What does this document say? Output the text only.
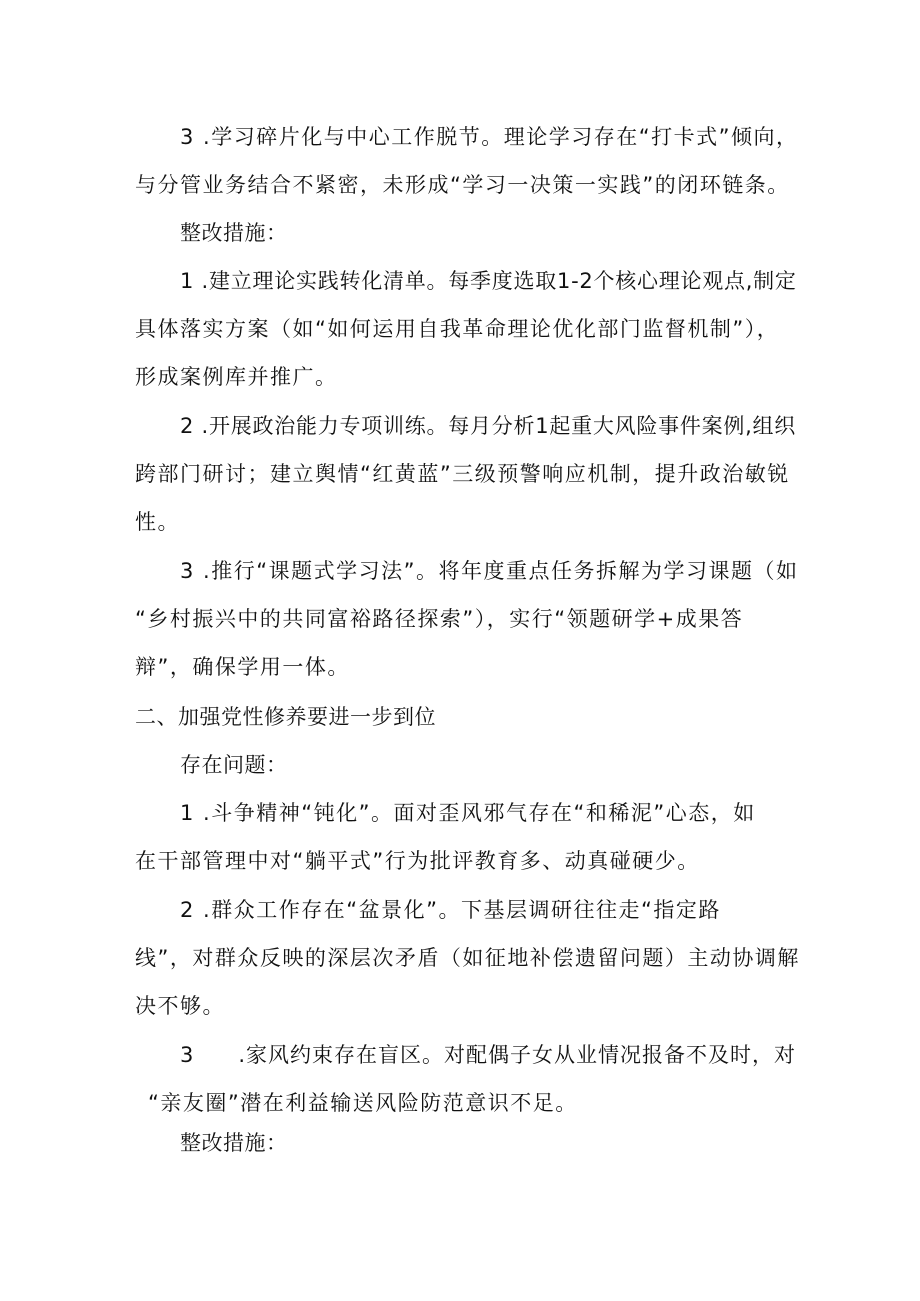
3 .学习碎片化与中心工作脱节。理论学习存在“打卡式”倾向，
与分管业务结合不紧密，未形成“学习一决策一实践”的闭环链条。
整改措施：
1 .建立理论实践转化清单。每季度选取1-2个核心理论观点,制定
具体落实方案（如“如何运用自我革命理论优化部门监督机制”），
形成案例库并推广。
2 .开展政治能力专项训练。每月分析1起重大风险事件案例,组织
跨部门研讨；建立舆情“红黄蓝”三级预警响应机制，提升政治敏锐
性。
3 .推行“课题式学习法”。将年度重点任务拆解为学习课题（如
“乡村振兴中的共同富裕路径探索”），实行“领题研学+成果答
辩”，确保学用一体。
二、加强党性修养要进一步到位
存在问题：
1 .斗争精神“钝化”。面对歪风邪气存在“和稀泥”心态，如
在干部管理中对“躺平式”行为批评教育多、动真碰硬少。
2 .群众工作存在“盆景化”。下基层调研往往走“指定路
线”，对群众反映的深层次矛盾（如征地补偿遗留问题）主动协调解
决不够。
3　　.家风约束存在盲区。对配偶子女从业情况报备不及时，对
“亲友圈”潜在利益输送风险防范意识不足。
整改措施：
